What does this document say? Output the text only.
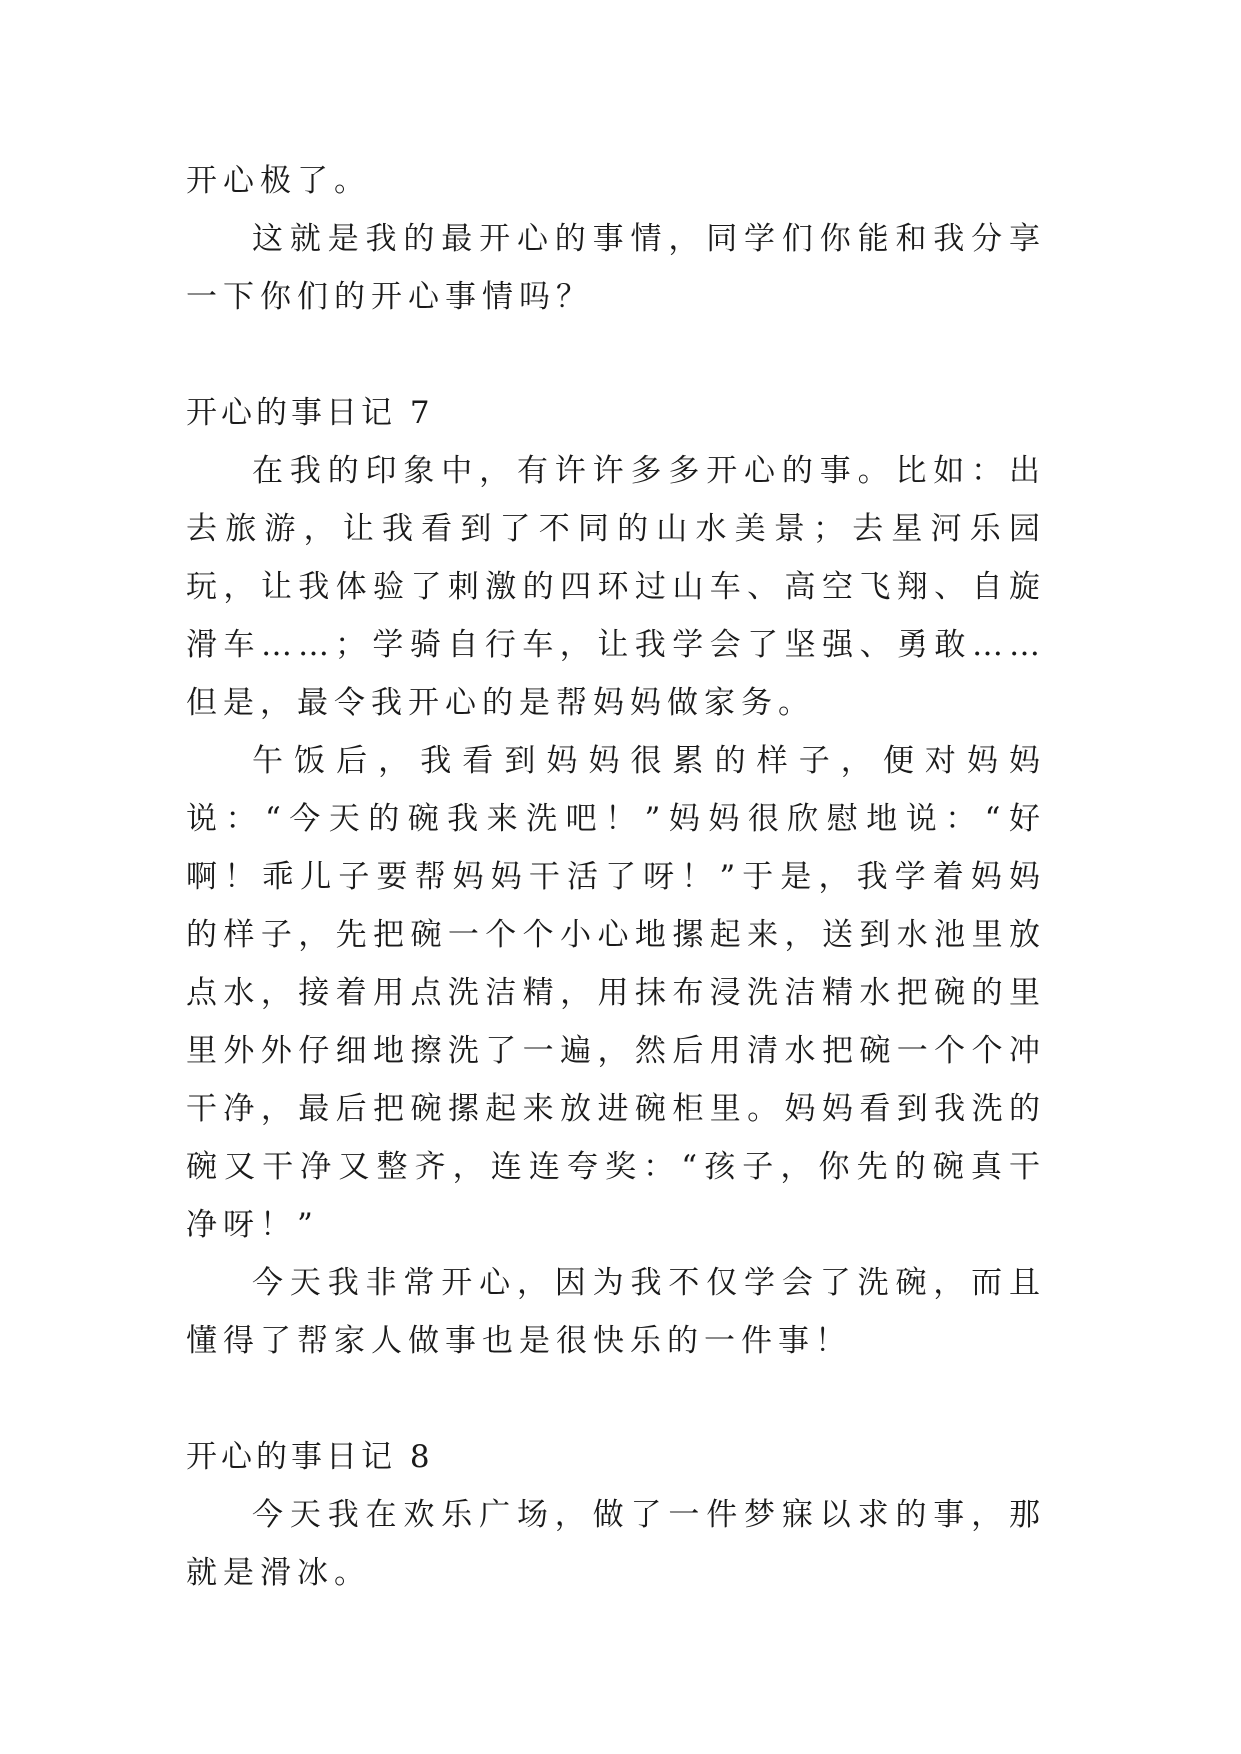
开心极了。

这就是我的最开心的事情，同学们你能和我分享一下你们的开心事情吗？

开心的事日记 7

在我的印象中，有许许多多开心的事。比如：出去旅游，让我看到了不同的山水美景；去星河乐园玩，让我体验了刺激的四环过山车、高空飞翔、自旋滑车……；学骑自行车，让我学会了坚强、勇敢……但是，最令我开心的是帮妈妈做家务。

午饭后，我看到妈妈很累的样子，便对妈妈说：“今天的碗我来洗吧！”妈妈很欣慰地说：“好啊！乖儿子要帮妈妈干活了呀！”于是，我学着妈妈的样子，先把碗一个个小心地摞起来，送到水池里放点水，接着用点洗洁精，用抹布浸洗洁精水把碗的里里外外仔细地擦洗了一遍，然后用清水把碗一个个冲干净，最后把碗摞起来放进碗柜里。妈妈看到我洗的碗又干净又整齐，连连夸奖：“孩子，你先的碗真干净呀！”

今天我非常开心，因为我不仅学会了洗碗，而且懂得了帮家人做事也是很快乐的一件事！

开心的事日记 8

今天我在欢乐广场，做了一件梦寐以求的事，那就是滑冰。
